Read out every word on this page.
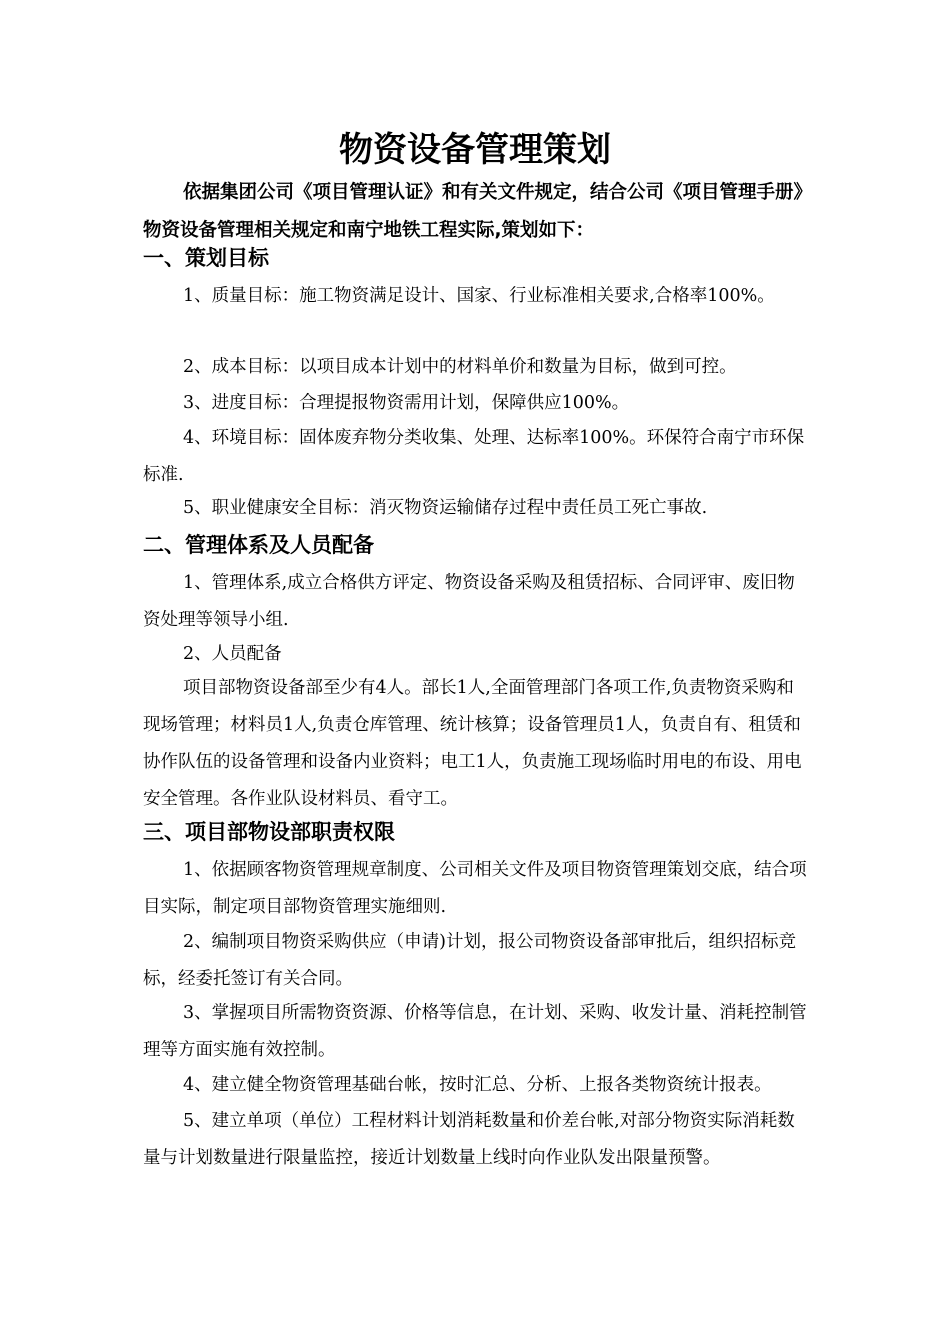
物资设备管理策划
依据集团公司《项目管理认证》和有关文件规定，结合公司《项目管理手册》物资设备管理相关规定和南宁地铁工程实际,策划如下：
一、策划目标
1、质量目标：施工物资满足设计、国家、行业标准相关要求,合格率100%。
2、成本目标：以项目成本计划中的材料单价和数量为目标，做到可控。
3、进度目标：合理提报物资需用计划，保障供应100%。
4、环境目标：固体废弃物分类收集、处理、达标率100%。环保符合南宁市环保标准.
5、职业健康安全目标：消灭物资运输储存过程中责任员工死亡事故.
二、管理体系及人员配备
1、管理体系,成立合格供方评定、物资设备采购及租赁招标、合同评审、废旧物资处理等领导小组.
2、人员配备
项目部物资设备部至少有4人。部长1人,全面管理部门各项工作,负责物资采购和现场管理；材料员1人,负责仓库管理、统计核算；设备管理员1人，负责自有、租赁和协作队伍的设备管理和设备内业资料；电工1人，负责施工现场临时用电的布设、用电安全管理。各作业队设材料员、看守工。
三、项目部物设部职责权限
1、依据顾客物资管理规章制度、公司相关文件及项目物资管理策划交底，结合项目实际，制定项目部物资管理实施细则.
2、编制项目物资采购供应（申请)计划，报公司物资设备部审批后，组织招标竞标，经委托签订有关合同。
3、掌握项目所需物资资源、价格等信息，在计划、采购、收发计量、消耗控制管理等方面实施有效控制。
4、建立健全物资管理基础台帐，按时汇总、分析、上报各类物资统计报表。
5、建立单项（单位）工程材料计划消耗数量和价差台帐,对部分物资实际消耗数量与计划数量进行限量监控，接近计划数量上线时向作业队发出限量预警。
